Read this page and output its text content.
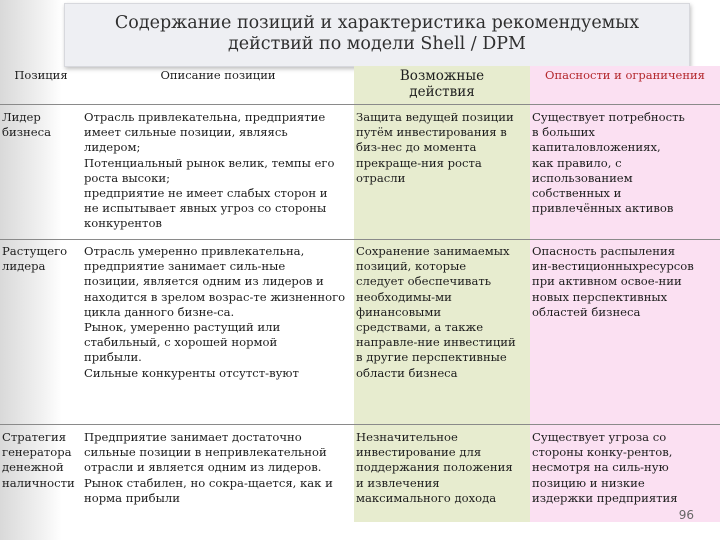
Содержание позиций и характеристика рекомендуемых
действий по модели Shell / DPM
Позиция	Описание позиции	Возможные
действия
Опасности и ограничения
Лидер
бизнеса
Отрасль привлекательна, предприятие
имеет сильные позиции, являясь
лидером;
Потенциальный рынок велик, темпы его
роста высоки;
предприятие не имеет слабых сторон и
не испытывает явных угроз со стороны
конкурентов
Защита ведущей позиции
путём инвестирования в
биз-нес до момента
прекраще-ния роста
отрасли
Существует потребность
в больших
капиталовложениях,
как правило, с
использованием
собственных и
привлечённых активов
Растущего
лидера
Отрасль умеренно привлекательна,
предприятие занимает силь-ные
позиции, является одним из лидеров и
находится в зрелом возрас-те жизненного
цикла данного бизне-са.
Рынок, умеренно растущий или
стабильный, с хорошей нормой
прибыли.
Сильные конкуренты отсутст-вуют
Сохранение занимаемых
позиций, которые
следует обеспечивать
необходимы-ми
финансовыми
средствами, а также
направле-ние инвестиций
в другие перспективные
области бизнеса
Опасность распыления
ин-вестиционныхресурсов
при активном освое-нии
новых перспективных
областей бизнеса
Стратегия
генератора
денежной
наличности
Предприятие занимает достаточно
сильные позиции в непривлекательной
отрасли и является одним из лидеров.
Рынок стабилен, но сокра-щается, как и
норма прибыли
Незначительное
инвестирование для
поддержания положения
и извлечения
максимального дохода
Существует угроза со
стороны конку-рентов,
несмотря на силь-ную
позицию и низкие
издержки предприятия
96
